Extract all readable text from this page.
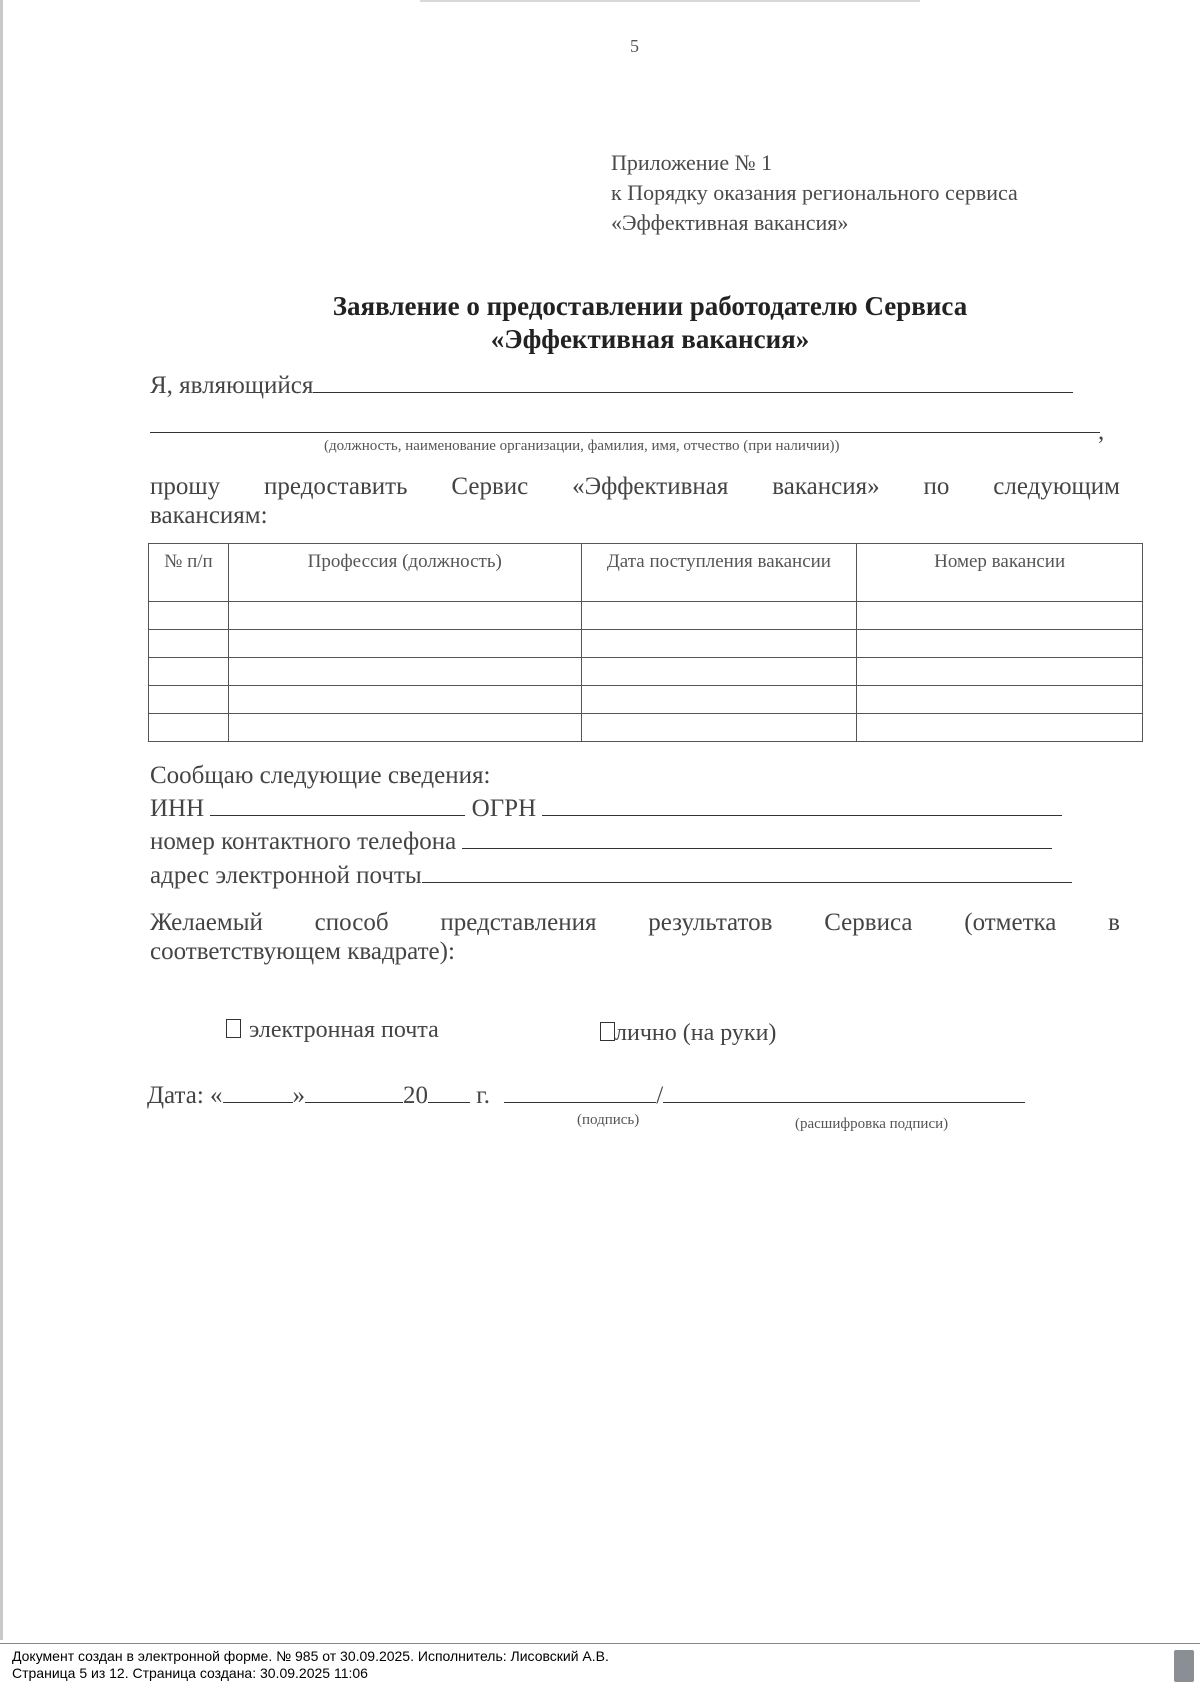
5
Приложение № 1
к Порядку оказания регионального сервиса
«Эффективная вакансия»
Заявление о предоставлении работодателю Сервиса
«Эффективная вакансия»
Я, являющийся
,
(должность, наименование организации, фамилия, имя, отчество (при наличии))
прошу предоставить Сервис «Эффективная вакансия» по следующим
вакансиям:
№ п/п	Профессия (должность)	Дата поступления вакансии	Номер вакансии

Сообщаю следующие сведения:
ИНН	ОГРН
номер контактного телефона
адрес электронной почты
Желаемый способ представления результатов Сервиса (отметка в
соответствующем квадрате):
электронная почта	лично (на руки)
Дата: «	»	20 г.	/
(подпись)	(расшифровка подписи)
Документ создан в электронной форме. № 985 от 30.09.2025. Исполнитель: Лисовский А.В.
Страница 5 из 12. Страница создана: 30.09.2025 11:06
